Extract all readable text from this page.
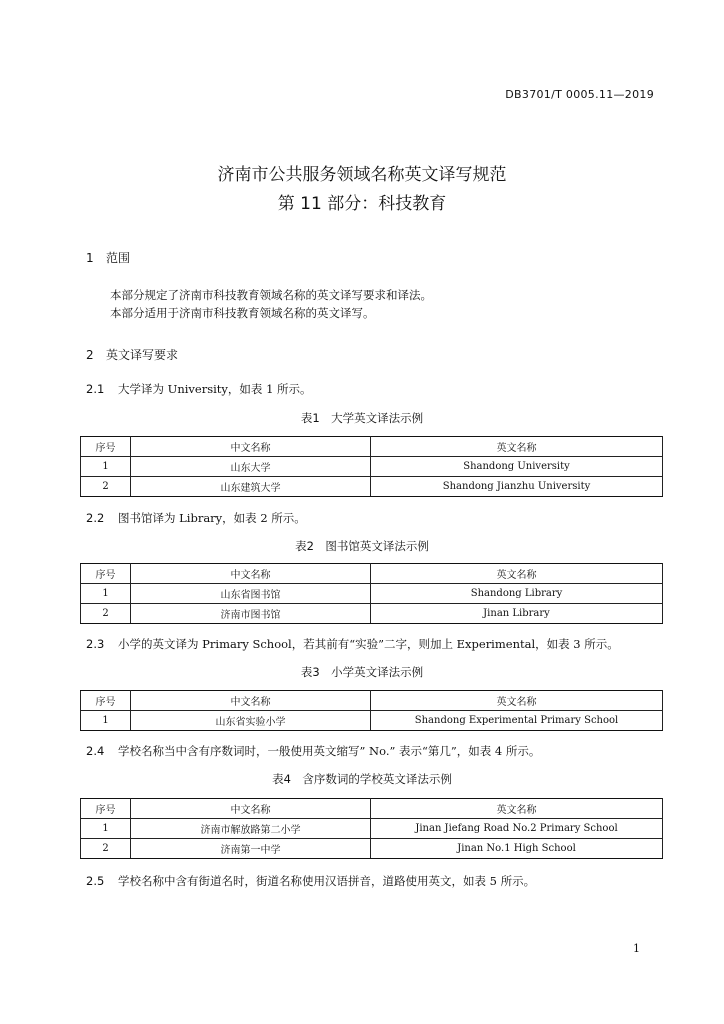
DB3701/T 0005.11—2019
济南市公共服务领域名称英文译写规范
第 11 部分：科技教育
1 范围
本部分规定了济南市科技教育领域名称的英文译写要求和译法。
本部分适用于济南市科技教育领域名称的英文译写。
2 英文译写要求
2.1 大学译为 University，如表 1 所示。
表1　大学英文译法示例
序号	中文名称	英文名称
1	山东大学	Shandong University
2	山东建筑大学	Shandong Jianzhu University
2.2 图书馆译为 Library，如表 2 所示。
表2　图书馆英文译法示例
序号	中文名称	英文名称
1	山东省图书馆	Shandong Library
2	济南市图书馆	Jinan Library
2.3 小学的英文译为 Primary School，若其前有“实验”二字，则加上 Experimental，如表 3 所示。
表3　小学英文译法示例
序号	中文名称	英文名称
1	山东省实验小学	Shandong Experimental Primary School
2.4 学校名称当中含有序数词时，一般使用英文缩写” No.” 表示“第几”，如表 4 所示。
表4　含序数词的学校英文译法示例
序号	中文名称	英文名称
1	济南市解放路第二小学	Jinan Jiefang Road No.2 Primary School
2	济南第一中学	Jinan No.1 High School
2.5 学校名称中含有街道名时，街道名称使用汉语拼音，道路使用英文，如表 5 所示。
1
